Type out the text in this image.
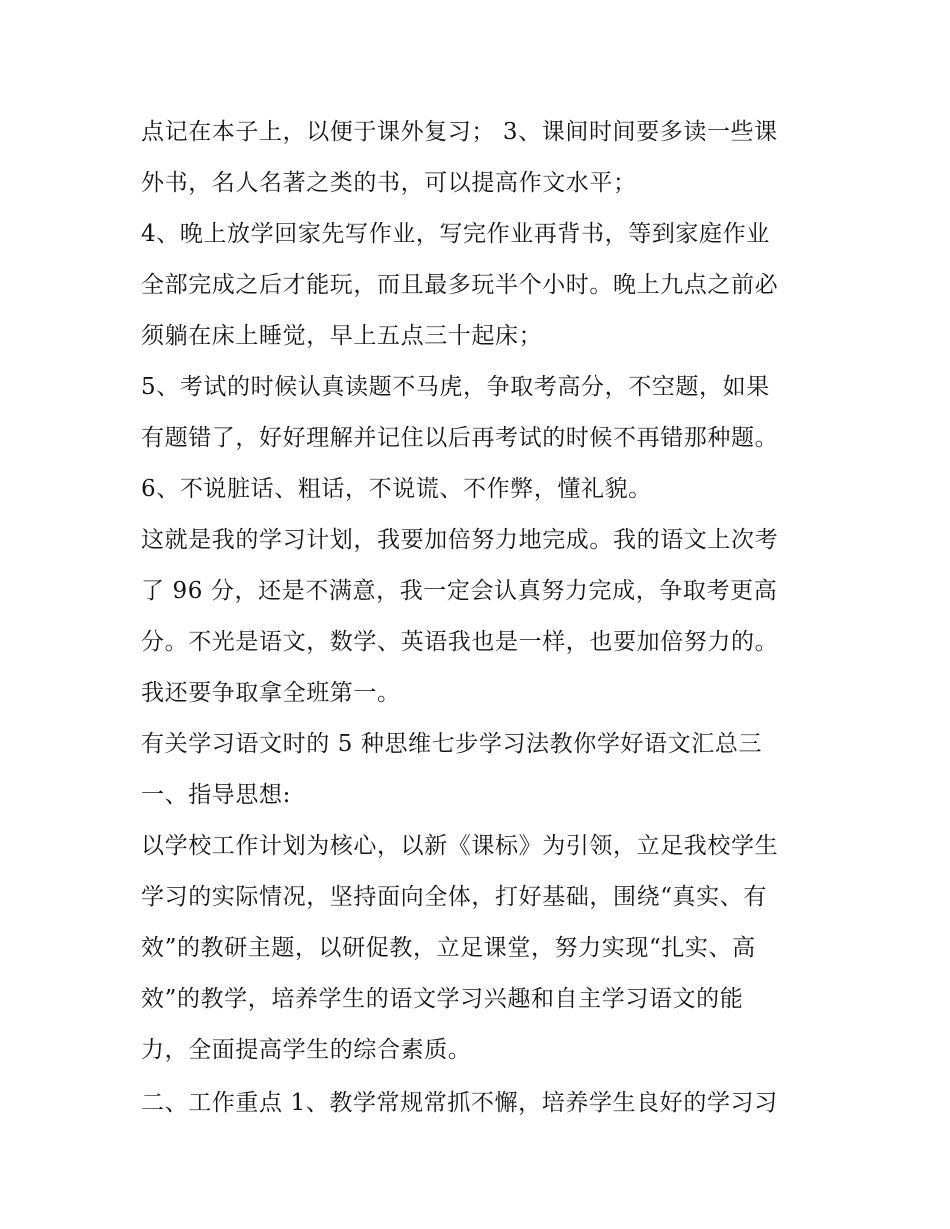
点记在本子上，以便于课外复习； 3、课间时间要多读一些课
外书，名人名著之类的书，可以提高作文水平；
4、晚上放学回家先写作业，写完作业再背书，等到家庭作业
全部完成之后才能玩，而且最多玩半个小时。晚上九点之前必
须躺在床上睡觉，早上五点三十起床；
5、考试的时候认真读题不马虎，争取考高分，不空题，如果
有题错了，好好理解并记住以后再考试的时候不再错那种题。
6、不说脏话、粗话，不说谎、不作弊，懂礼貌。
这就是我的学习计划，我要加倍努力地完成。我的语文上次考
了 96 分，还是不满意，我一定会认真努力完成，争取考更高
分。不光是语文，数学、英语我也是一样，也要加倍努力的。
我还要争取拿全班第一。
有关学习语文时的 5 种思维七步学习法教你学好语文汇总三
一、指导思想:
以学校工作计划为核心，以新《课标》为引领，立足我校学生
学习的实际情况，坚持面向全体，打好基础，围绕“真实、有
效”的教研主题，以研促教，立足课堂，努力实现“扎实、高
效”的教学，培养学生的语文学习兴趣和自主学习语文的能
力，全面提高学生的综合素质。
二、工作重点 1、教学常规常抓不懈，培养学生良好的学习习
